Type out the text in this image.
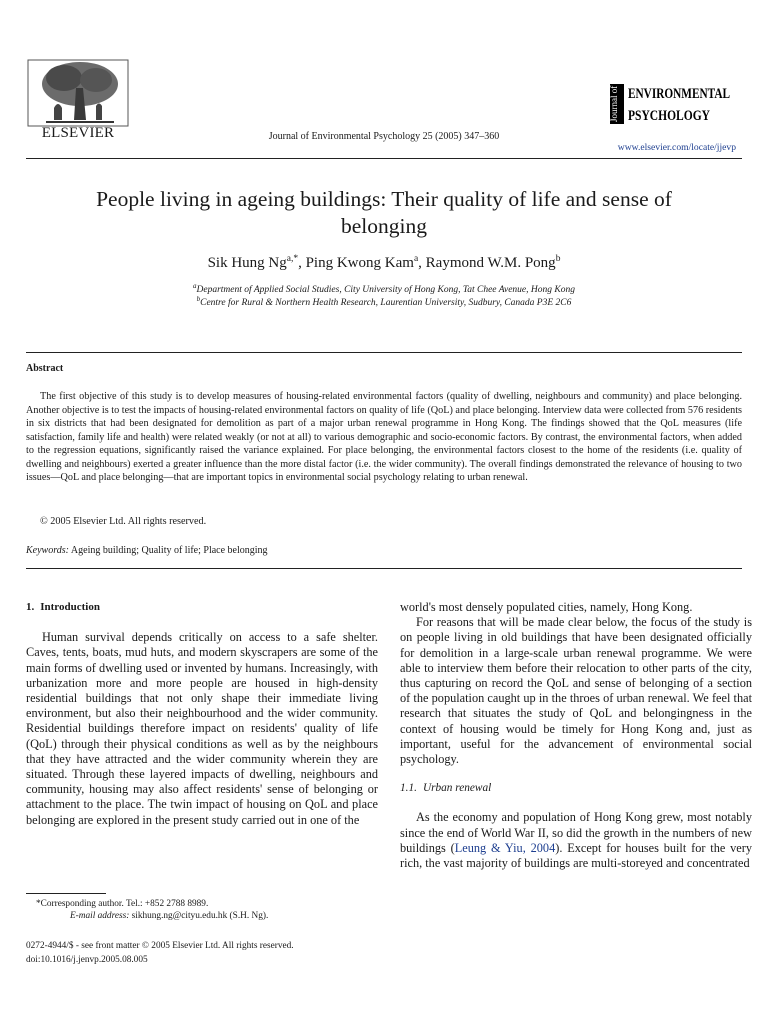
ELSEVIER	Journal of Environmental Psychology 25 (2005) 347–360
Journal of ENVIRONMENTAL
PSYCHOLOGY
www.elsevier.com/locate/jjevp
People living in ageing buildings: Their quality of life and sense of belonging
Sik Hung $Ng^{a,*}$, Ping Kwong Kam$^a$, Raymond W.M. Pong$^b$
$^a$Department of Applied Social Studies, City University of Hong Kong, Tat Chee Avenue, Hong Kong
$^b$Centre for Rural & Northern Health Research, Laurentian University, Sudbury, Canada P3E 2C6
Abstract

The first objective of this study is to develop measures of housing-related environmental factors (quality of dwelling, neighbours and community) and place belonging. Another objective is to test the impacts of housing-related environmental factors on quality of life (QoL) and place belonging. Interview data were collected from 576 residents in six districts that had been designated for demolition as part of a major urban renewal programme in Hong Kong. The findings showed that the QoL measures (life satisfaction, family life and health) were related weakly (or not at all) to various demographic and socio-economic factors. By contrast, the environmental factors, when added to the regression equations, significantly raised the variance explained. For place belonging, the environmental factors closest to the home of the residents (i.e. quality of dwelling and neighbours) exerted a greater influence than the more distal factor (i.e. the wider community). The overall findings demonstrated the relevance of housing to two issues—QoL and place belonging—that are important topics in environmental social psychology relating to urban renewal.

© 2005 Elsevier Ltd. All rights reserved.
Keywords: Ageing building; Quality of life; Place belonging
1. Introduction

Human survival depends critically on access to a safe shelter. Caves, tents, boats, mud huts, and modern skyscrapers are some of the main forms of dwelling used or invented by humans. Increasingly, with urbanization more and more people are housed in high-density residential buildings that not only shape their immediate living environment, but also their neighbourhood and the wider community. Residential buildings therefore impact on residents' quality of life (QoL) through their physical conditions as well as by the neighbours that they have attracted and the wider community wherein they are situated. Through these layered impacts of dwelling, neighbours and community, housing may also affect residents' sense of belonging or attachment to the place. The twin impact of housing on QoL and place belonging are explored in the present study carried out in one of the

world's most densely populated cities, namely, Hong Kong.

For reasons that will be made clear below, the focus of the study is on people living in old buildings that have been designated officially for demolition in a large-scale urban renewal programme. We were able to interview them before their relocation to other parts of the city, thus capturing on record the QoL and sense of belonging of a section of the population caught up in the throes of urban renewal. We feel that research that situates the study of QoL and belongingness in the context of housing would be timely for Hong Kong and, just as important, useful for the advancement of environmental social psychology.

1.1. Urban renewal

As the economy and population of Hong Kong grew, most notably since the end of World War II, so did the growth in the numbers of new buildings (Leung & Yiu, 2004). Except for houses built for the very rich, the vast majority of buildings are multi-storeyed and concentrated

*Corresponding author. Tel.: +852 2788 8989.
E-mail address: sikhung.ng@cityu.edu.hk (S.H. Ng).
0272-4944/$ - see front matter © 2005 Elsevier Ltd. All rights reserved.
doi:10.1016/j.jenvp.2005.08.005
